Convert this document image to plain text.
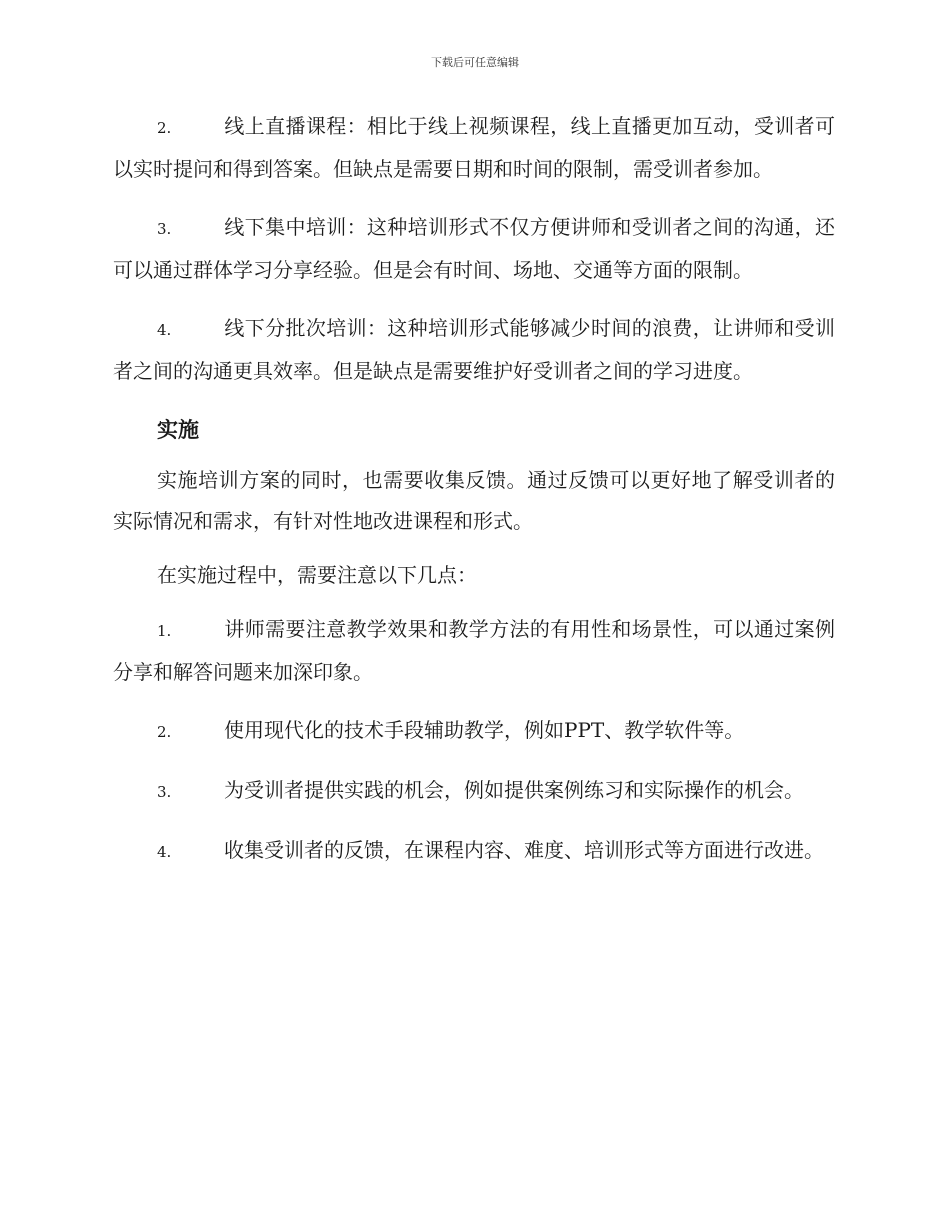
下载后可任意编辑

2.	线上直播课程：相比于线上视频课程，线上直播更加互动，受训者可以实时提问和得到答案。但缺点是需要日期和时间的限制，需受训者参加。

3.	线下集中培训：这种培训形式不仅方便讲师和受训者之间的沟通，还可以通过群体学习分享经验。但是会有时间、场地、交通等方面的限制。

4.	线下分批次培训：这种培训形式能够减少时间的浪费，让讲师和受训者之间的沟通更具效率。但是缺点是需要维护好受训者之间的学习进度。

实施

实施培训方案的同时，也需要收集反馈。通过反馈可以更好地了解受训者的实际情况和需求，有针对性地改进课程和形式。

在实施过程中，需要注意以下几点：

1.	讲师需要注意教学效果和教学方法的有用性和场景性，可以通过案例分享和解答问题来加深印象。

2.	使用现代化的技术手段辅助教学，例如PPT、教学软件等。

3.	为受训者提供实践的机会，例如提供案例练习和实际操作的机会。

4.	收集受训者的反馈，在课程内容、难度、培训形式等方面进行改进。
